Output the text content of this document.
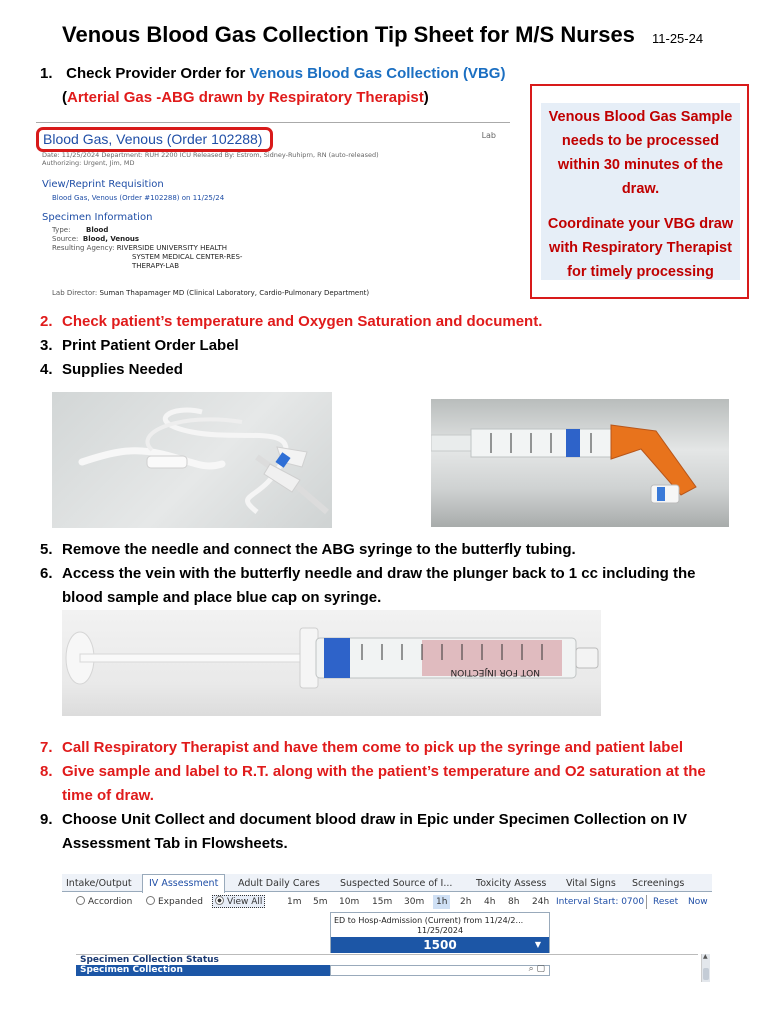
Venous Blood Gas Collection Tip Sheet for M/S Nurses 11-25-24
1. Check Provider Order for Venous Blood Gas Collection (VBG)
(Arterial Gas -ABG drawn by Respiratory Therapist)
Blood Gas, Venous (Order 102288)	Lab
Date: 11/25/2024 Department: RUH 2200 ICU Released By: Estrom, Sidney-Ruhiprn, RN (auto-released)
Authorizing: Urgent, Jim, MD
View/Reprint Requisition
Blood Gas, Venous (Order #102288) on 11/25/24
Specimen Information
Type: Blood
Source: Blood, Venous
Resulting Agency: RIVERSIDE UNIVERSITY HEALTH
SYSTEM MEDICAL CENTER-RES-
THERAPY-LAB
Lab Director: Suman Thapamager MD (Clinical Laboratory, Cardio-Pulmonary Department)

Venous Blood Gas Sample needs to be processed within 30 minutes of the draw.

Coordinate your VBG draw with Respiratory Therapist for timely processing

2. Check patient’s temperature and Oxygen Saturation and document.
3. Print Patient Order Label
4. Supplies Needed
5. Remove the needle and connect the ABG syringe to the butterfly tubing.
6. Access the vein with the butterfly needle and draw the plunger back to 1 cc including the
blood sample and place blue cap on syringe.
NOT FOR INJECTION
7. Call Respiratory Therapist and have them come to pick up the syringe and patient label
8. Give sample and label to R.T. along with the patient’s temperature and O2 saturation at the
time of draw.
9. Choose Unit Collect and document blood draw in Epic under Specimen Collection on IV
Assessment Tab in Flowsheets.
Intake/Output	IV Assessment	Adult Daily Cares Suspected Source of I... Toxicity Assess Vital Signs Screenings
Accordion	Expanded	View All	1m 5m 10m 15m 30m	1h	2h 4h 8h 24h Interval Start: 0700 Reset Now
ED to Hosp-Admission (Current) from 11/24/2...
11/25/2024
1500	▼
Specimen Collection Status
Specimen Collection	⌕ ▢
▲
